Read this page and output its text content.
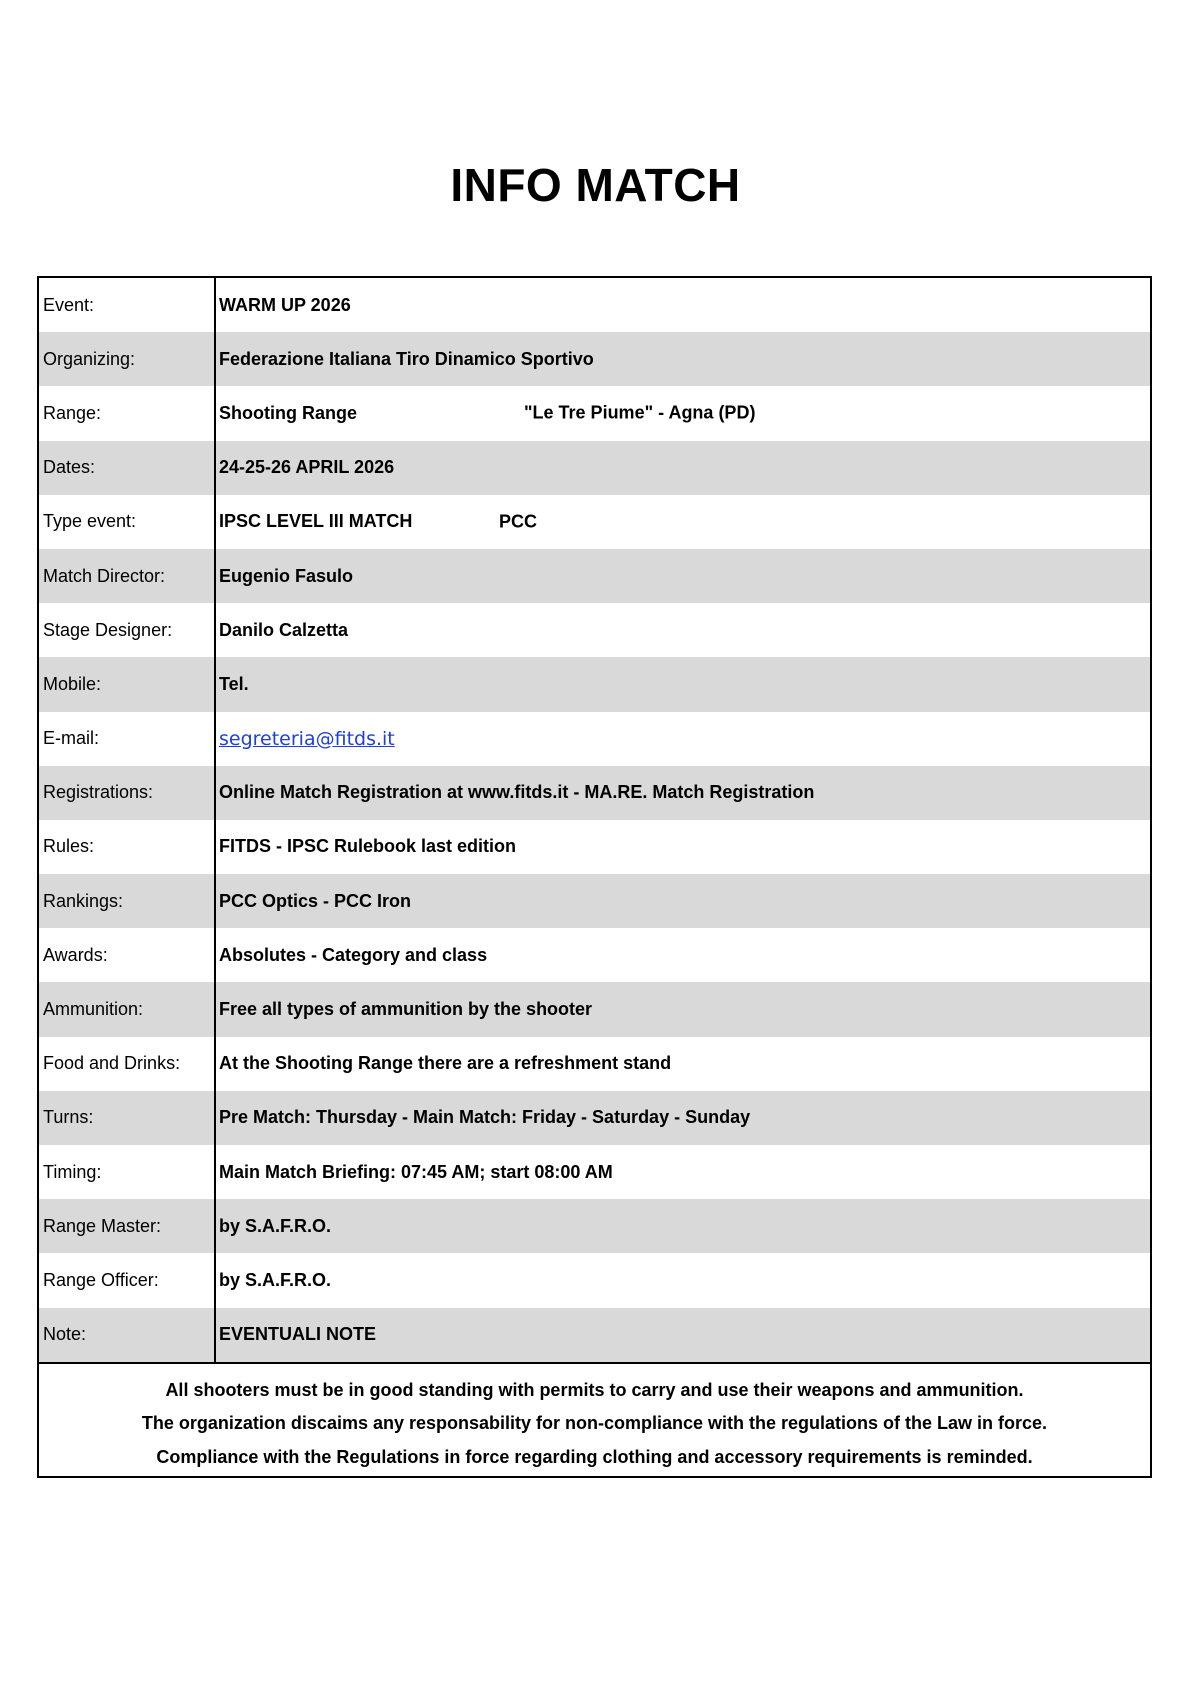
INFO MATCH
Event:	WARM UP 2026
Organizing:	Federazione Italiana Tiro Dinamico Sportivo
Range:	Shooting Range	"Le Tre Piume" - Agna (PD)
Dates:	24-25-26 APRIL 2026
Type event:	IPSC LEVEL III MATCH	PCC
Match Director:	Eugenio Fasulo
Stage Designer:	Danilo Calzetta
Mobile:	Tel.
E-mail:	segreteria@fitds.it
Registrations:	Online Match Registration at www.fitds.it - MA.RE. Match Registration
Rules:	FITDS - IPSC Rulebook last edition
Rankings:	PCC Optics - PCC Iron
Awards:	Absolutes - Category and class
Ammunition:	Free all types of ammunition by the shooter
Food and Drinks:	At the Shooting Range there are a refreshment stand
Turns:	Pre Match: Thursday - Main Match: Friday - Saturday - Sunday
Timing:	Main Match Briefing: 07:45 AM; start 08:00 AM
Range Master:	by S.A.F.R.O.
Range Officer:	by S.A.F.R.O.
Note:	EVENTUALI NOTE
All shooters must be in good standing with permits to carry and use their weapons and ammunition.
The organization discaims any responsability for non-compliance with the regulations of the Law in force.
Compliance with the Regulations in force regarding clothing and accessory requirements is reminded.
